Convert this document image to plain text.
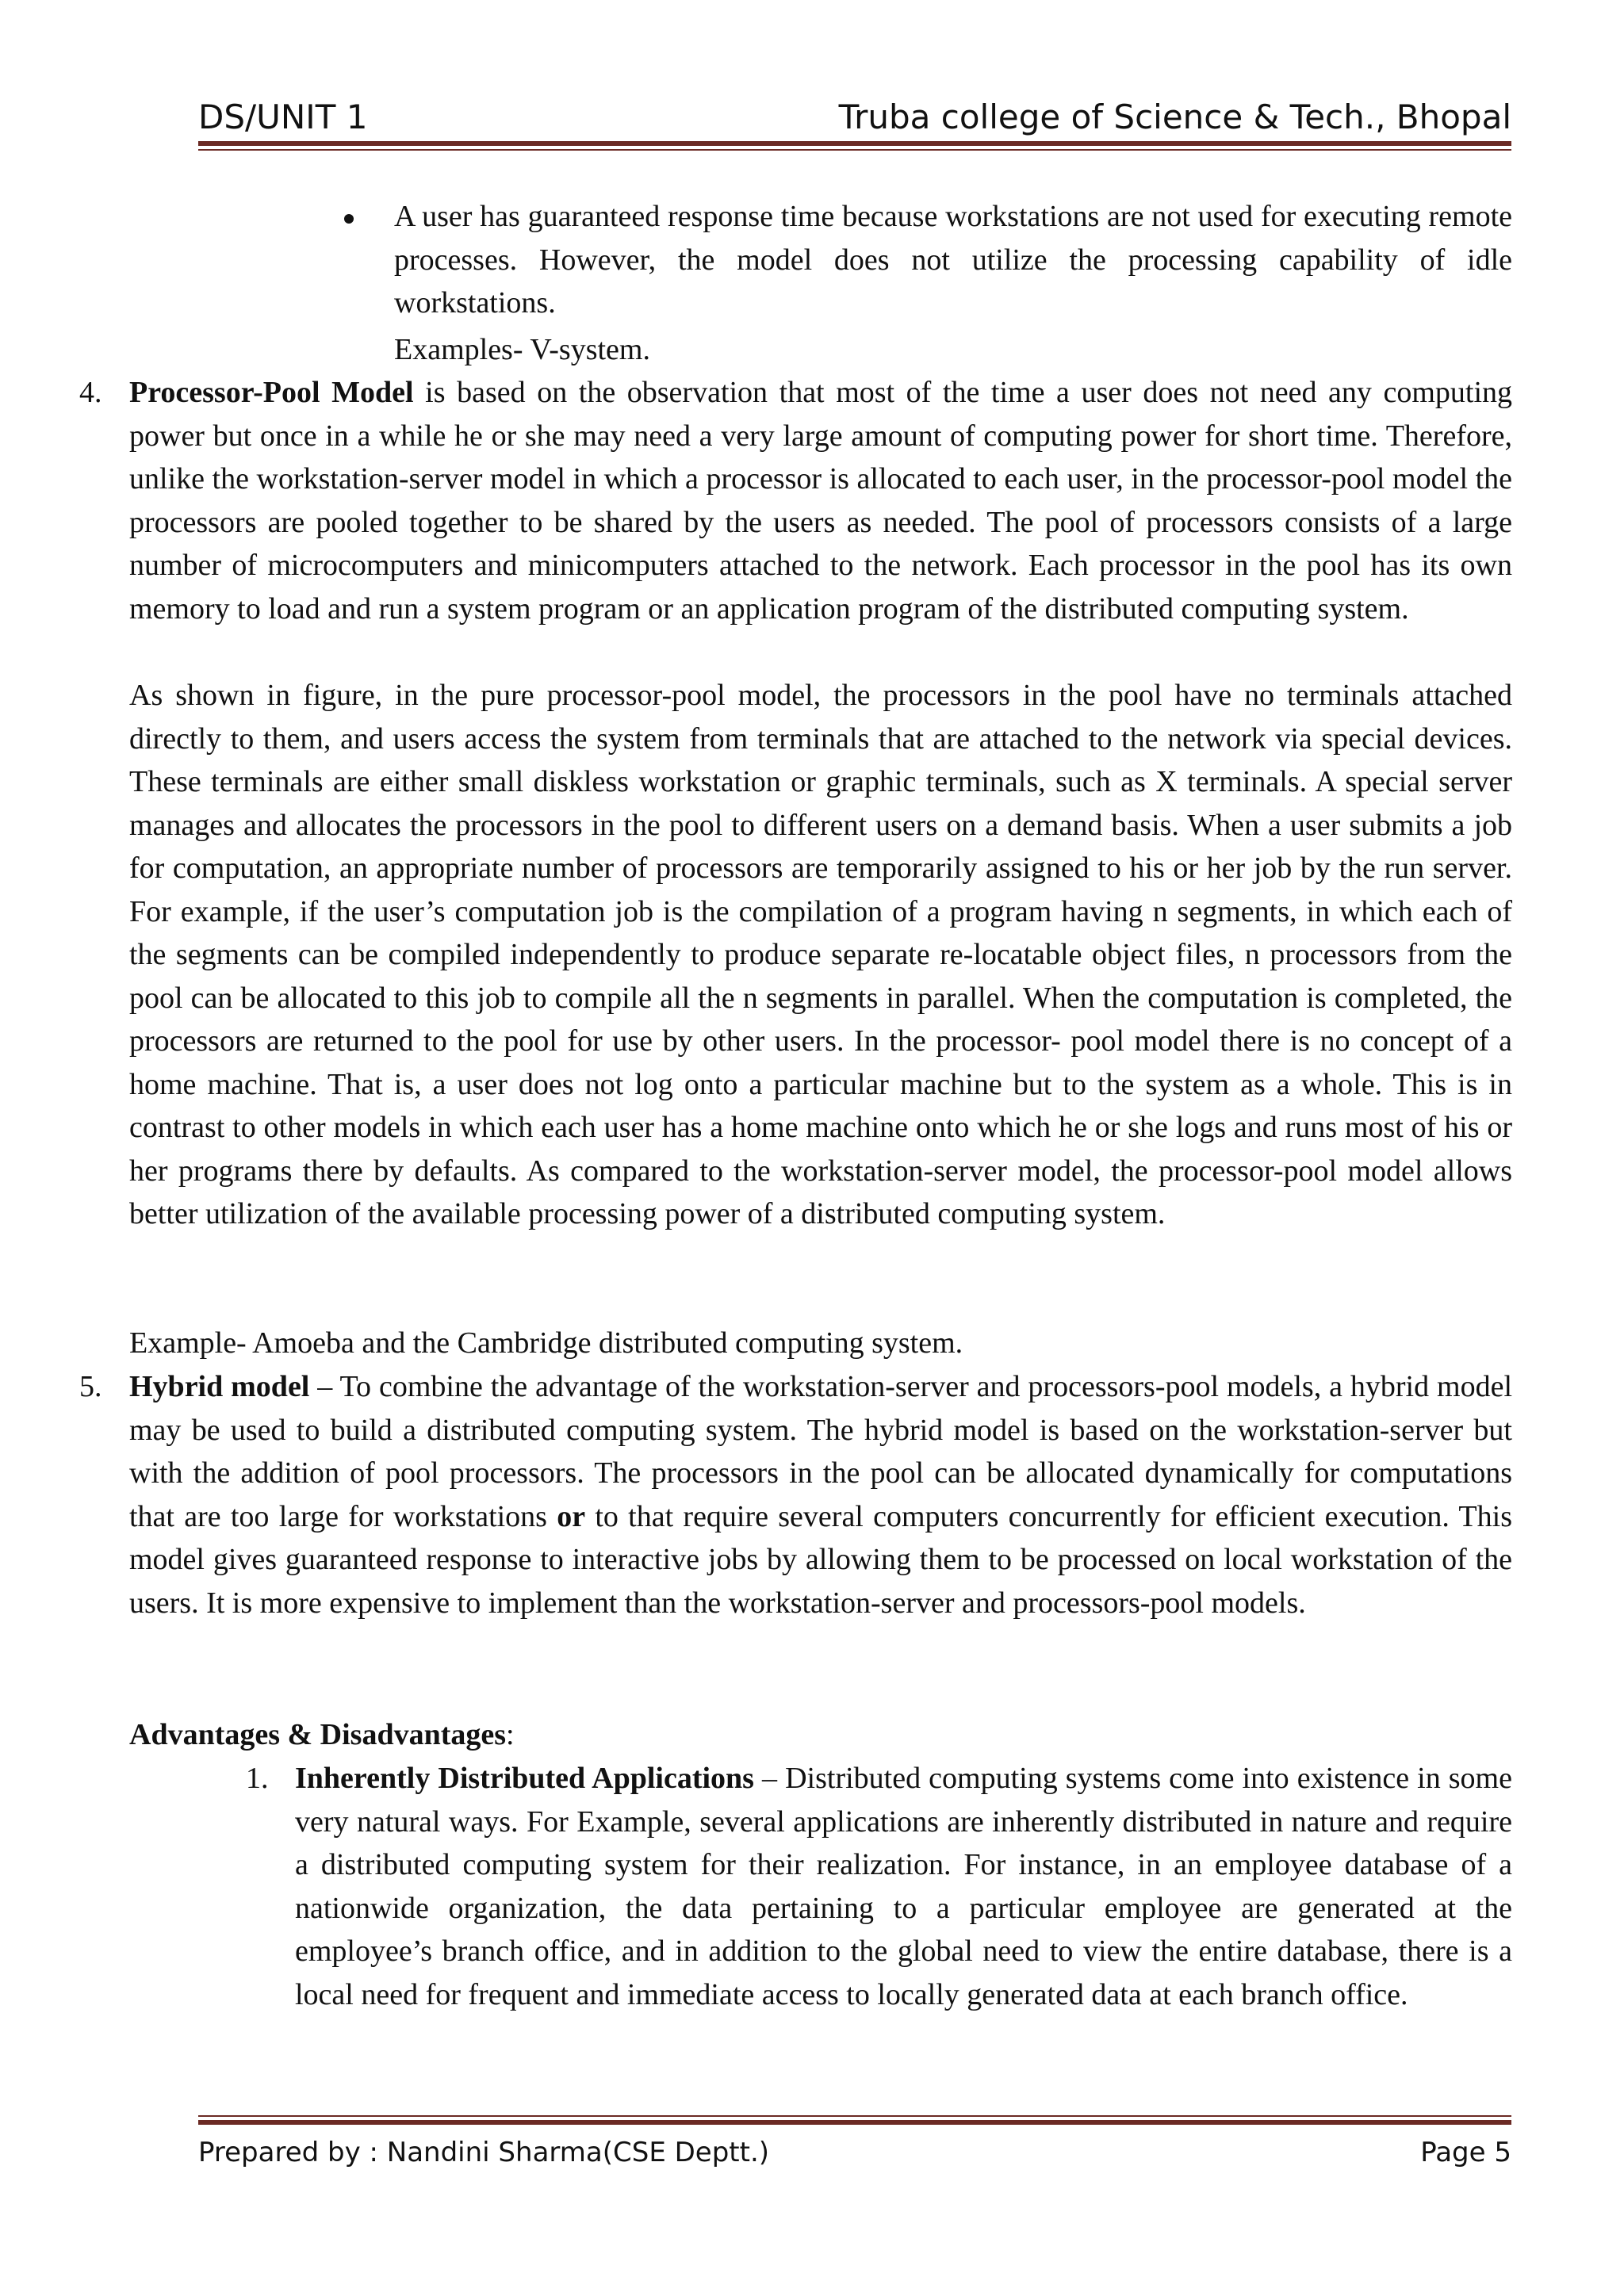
DS/UNIT 1	Truba college of Science & Tech., Bhopal
A user has guaranteed response time because workstations are not used for executing remote processes. However, the model does not utilize the processing capability of idle workstations.
Examples- V-system.
4. Processor-Pool Model is based on the observation that most of the time a user does not need any computing power but once in a while he or she may need a very large amount of computing power for short time. Therefore, unlike the workstation-server model in which a processor is allocated to each user, in the processor-pool model the processors are pooled together to be shared by the users as needed. The pool of processors consists of a large number of microcomputers and minicomputers attached to the network. Each processor in the pool has its own memory to load and run a system program or an application program of the distributed computing system.
As shown in figure, in the pure processor-pool model, the processors in the pool have no terminals attached directly to them, and users access the system from terminals that are attached to the network via special devices. These terminals are either small diskless workstation or graphic terminals, such as X terminals. A special server manages and allocates the processors in the pool to different users on a demand basis. When a user submits a job for computation, an appropriate number of processors are temporarily assigned to his or her job by the run server. For example, if the user’s computation job is the compilation of a program having n segments, in which each of the segments can be compiled independently to produce separate re-locatable object files, n processors from the pool can be allocated to this job to compile all the n segments in parallel. When the computation is completed, the processors are returned to the pool for use by other users. In the processor- pool model there is no concept of a home machine. That is, a user does not log onto a particular machine but to the system as a whole. This is in contrast to other models in which each user has a home machine onto which he or she logs and runs most of his or her programs there by defaults. As compared to the workstation-server model, the processor-pool model allows better utilization of the available processing power of a distributed computing system.
Example- Amoeba and the Cambridge distributed computing system.
5. Hybrid model – To combine the advantage of the workstation-server and processors-pool models, a hybrid model may be used to build a distributed computing system. The hybrid model is based on the workstation-server but with the addition of pool processors. The processors in the pool can be allocated dynamically for computations that are too large for workstations or to that require several computers concurrently for efficient execution. This model gives guaranteed response to interactive jobs by allowing them to be processed on local workstation of the users. It is more expensive to implement than the workstation-server and processors-pool models.
Advantages & Disadvantages:
1. Inherently Distributed Applications – Distributed computing systems come into existence in some very natural ways. For Example, several applications are inherently distributed in nature and require a distributed computing system for their realization. For instance, in an employee database of a nationwide organization, the data pertaining to a particular employee are generated at the employee’s branch office, and in addition to the global need to view the entire database, there is a local need for frequent and immediate access to locally generated data at each branch office.
Prepared by : Nandini Sharma(CSE Deptt.)	Page 5
